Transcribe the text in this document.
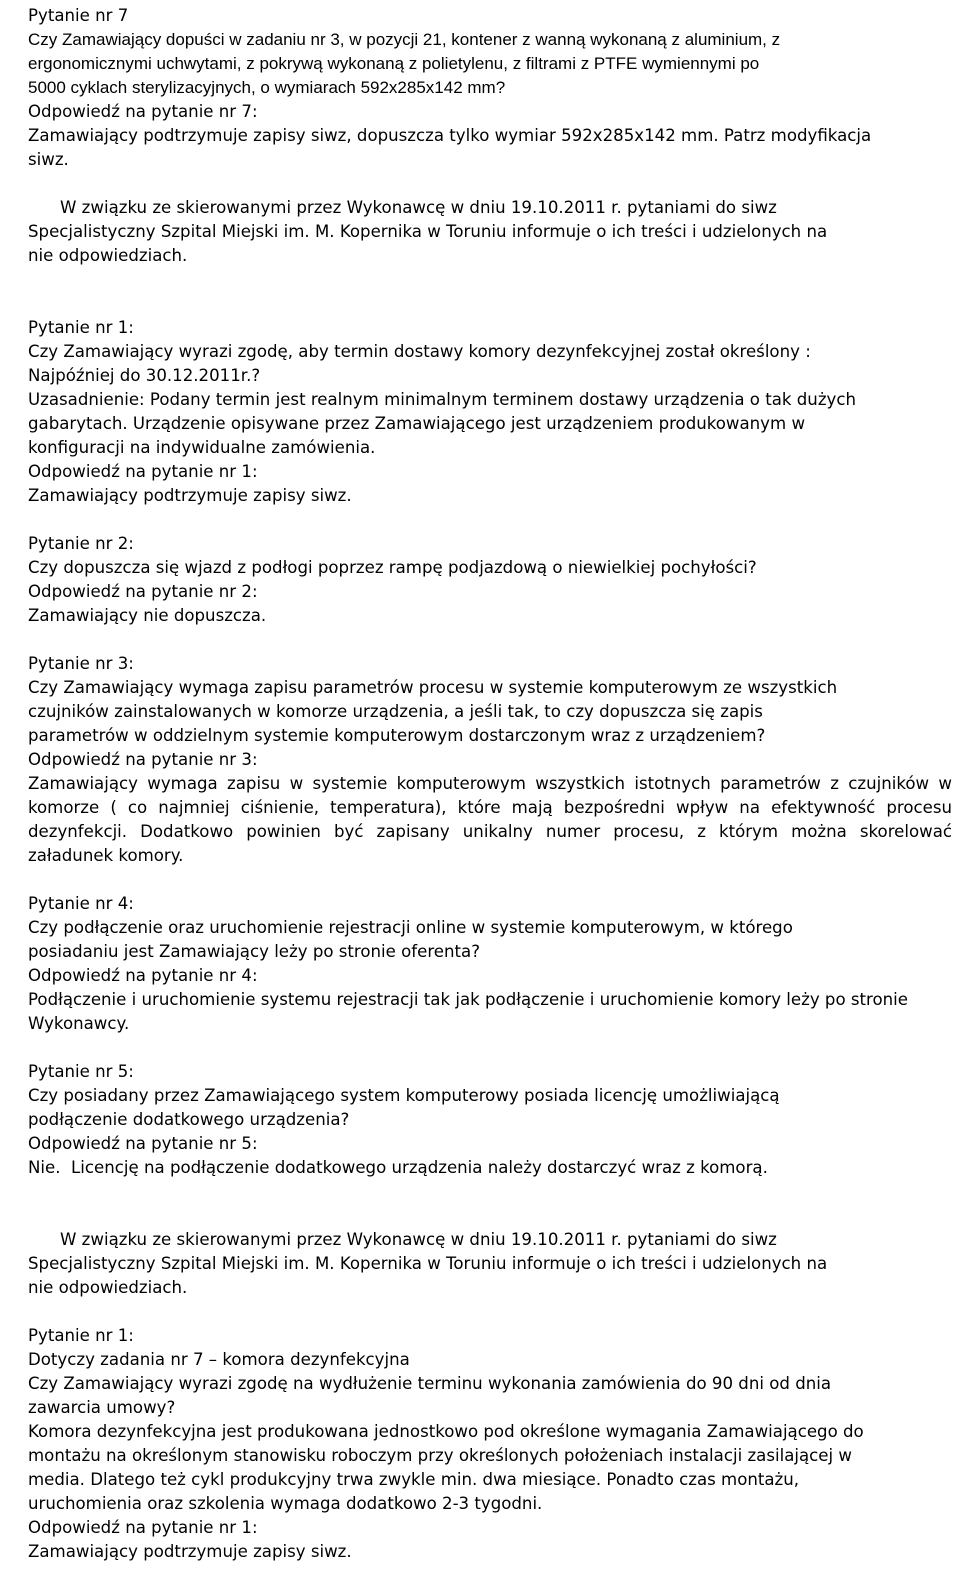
Pytanie nr 7
Czy Zamawiający dopuści w zadaniu nr 3, w pozycji 21, kontener z wanną wykonaną z aluminium, z
ergonomicznymi uchwytami, z pokrywą wykonaną z polietylenu, z filtrami z PTFE wymiennymi po
5000 cyklach sterylizacyjnych, o wymiarach 592x285x142 mm?
Odpowiedź na pytanie nr 7:
Zamawiający podtrzymuje zapisy siwz, dopuszcza tylko wymiar 592x285x142 mm. Patrz modyfikacja
siwz.
W związku ze skierowanymi przez Wykonawcę w dniu 19.10.2011 r. pytaniami do siwz
Specjalistyczny Szpital Miejski im. M. Kopernika w Toruniu informuje o ich treści i udzielonych na
nie odpowiedziach.
Pytanie nr 1:
Czy Zamawiający wyrazi zgodę, aby termin dostawy komory dezynfekcyjnej został określony :
Najpóźniej do 30.12.2011r.?
Uzasadnienie: Podany termin jest realnym minimalnym terminem dostawy urządzenia o tak dużych
gabarytach. Urządzenie opisywane przez Zamawiającego jest urządzeniem produkowanym w
konfiguracji na indywidualne zamówienia.
Odpowiedź na pytanie nr 1:
Zamawiający podtrzymuje zapisy siwz.
Pytanie nr 2:
Czy dopuszcza się wjazd z podłogi poprzez rampę podjazdową o niewielkiej pochyłości?
Odpowiedź na pytanie nr 2:
Zamawiający nie dopuszcza.
Pytanie nr 3:
Czy Zamawiający wymaga zapisu parametrów procesu w systemie komputerowym ze wszystkich
czujników zainstalowanych w komorze urządzenia, a jeśli tak, to czy dopuszcza się zapis
parametrów w oddzielnym systemie komputerowym dostarczonym wraz z urządzeniem?
Odpowiedź na pytanie nr 3:
Zamawiający wymaga zapisu w systemie komputerowym wszystkich istotnych parametrów z czujników w komorze ( co najmniej ciśnienie, temperatura), które mają bezpośredni wpływ na efektywność procesu dezynfekcji. Dodatkowo powinien być zapisany unikalny numer procesu, z którym można skorelować załadunek komory.
Pytanie nr 4:
Czy podłączenie oraz uruchomienie rejestracji online w systemie komputerowym, w którego
posiadaniu jest Zamawiający leży po stronie oferenta?
Odpowiedź na pytanie nr 4:
Podłączenie i uruchomienie systemu rejestracji tak jak podłączenie i uruchomienie komory leży po stronie Wykonawcy.
Pytanie nr 5:
Czy posiadany przez Zamawiającego system komputerowy posiada licencję umożliwiającą
podłączenie dodatkowego urządzenia?
Odpowiedź na pytanie nr 5:
Nie.  Licencję na podłączenie dodatkowego urządzenia należy dostarczyć wraz z komorą.
W związku ze skierowanymi przez Wykonawcę w dniu 19.10.2011 r. pytaniami do siwz
Specjalistyczny Szpital Miejski im. M. Kopernika w Toruniu informuje o ich treści i udzielonych na
nie odpowiedziach.
Pytanie nr 1:
Dotyczy zadania nr 7 – komora dezynfekcyjna
Czy Zamawiający wyrazi zgodę na wydłużenie terminu wykonania zamówienia do 90 dni od dnia
zawarcia umowy?
Komora dezynfekcyjna jest produkowana jednostkowo pod określone wymagania Zamawiającego do
montażu na określonym stanowisku roboczym przy określonych położeniach instalacji zasilającej w
media. Dlatego też cykl produkcyjny trwa zwykle min. dwa miesiące. Ponadto czas montażu,
uruchomienia oraz szkolenia wymaga dodatkowo 2-3 tygodni.
Odpowiedź na pytanie nr 1:
Zamawiający podtrzymuje zapisy siwz.
